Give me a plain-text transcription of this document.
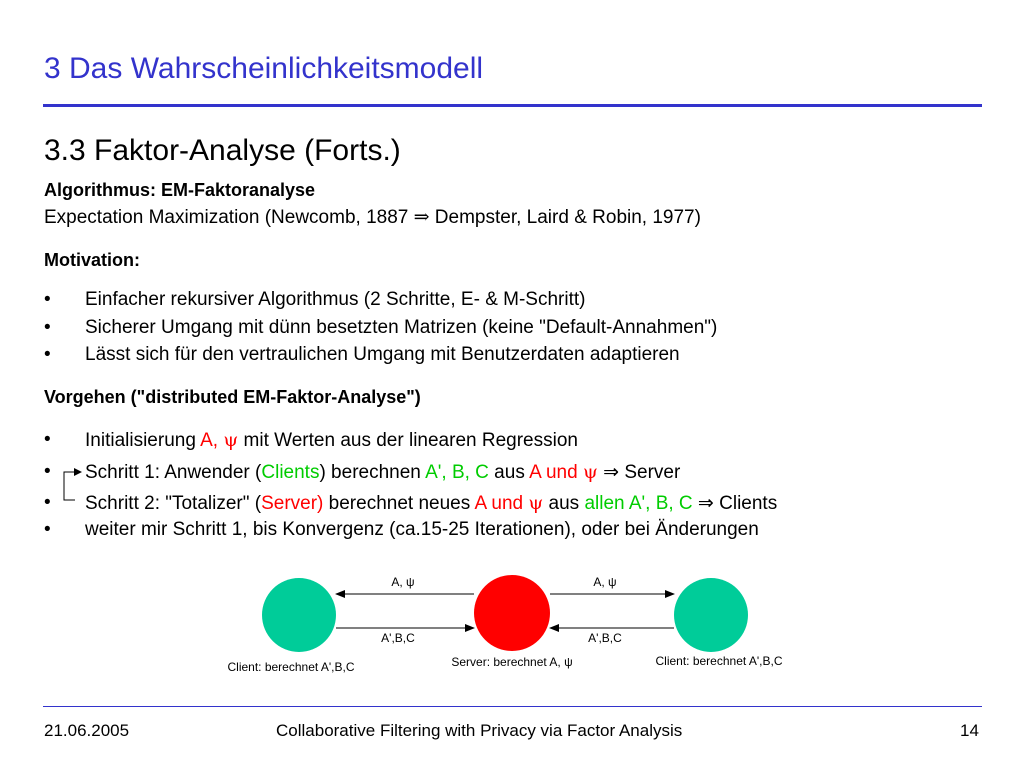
3 Das Wahrscheinlichkeitsmodell
3.3 Faktor-Analyse (Forts.)
Algorithmus: EM-Faktoranalyse
Expectation Maximization (Newcomb, 1887 ⇒ Dempster, Laird & Robin, 1977)
Motivation:
• Einfacher rekursiver Algorithmus (2 Schritte, E- & M-Schritt)
• Sicherer Umgang mit dünn besetzten Matrizen (keine "Default-Annahmen")
• Lässt sich für den vertraulichen Umgang mit Benutzerdaten adaptieren
Vorgehen ("distributed EM-Faktor-Analyse")
• Initialisierung A, ψ mit Werten aus der linearen Regression
• Schritt 1: Anwender (Clients) berechnen A', B, C aus A und ψ ⇒ Server
• Schritt 2: "Totalizer" (Server) berechnet neues A und ψ aus allen A', B, C ⇒ Clients
• weiter mir Schritt 1, bis Konvergenz (ca.15-25 Iterationen), oder bei Änderungen
A, ψ	A, ψ
A',B,C	A',B,C
Client: berechnet A',B,C	Server: berechnet A, ψ	Client: berechnet A',B,C
21.06.2005	Collaborative Filtering with Privacy via Factor Analysis	14
